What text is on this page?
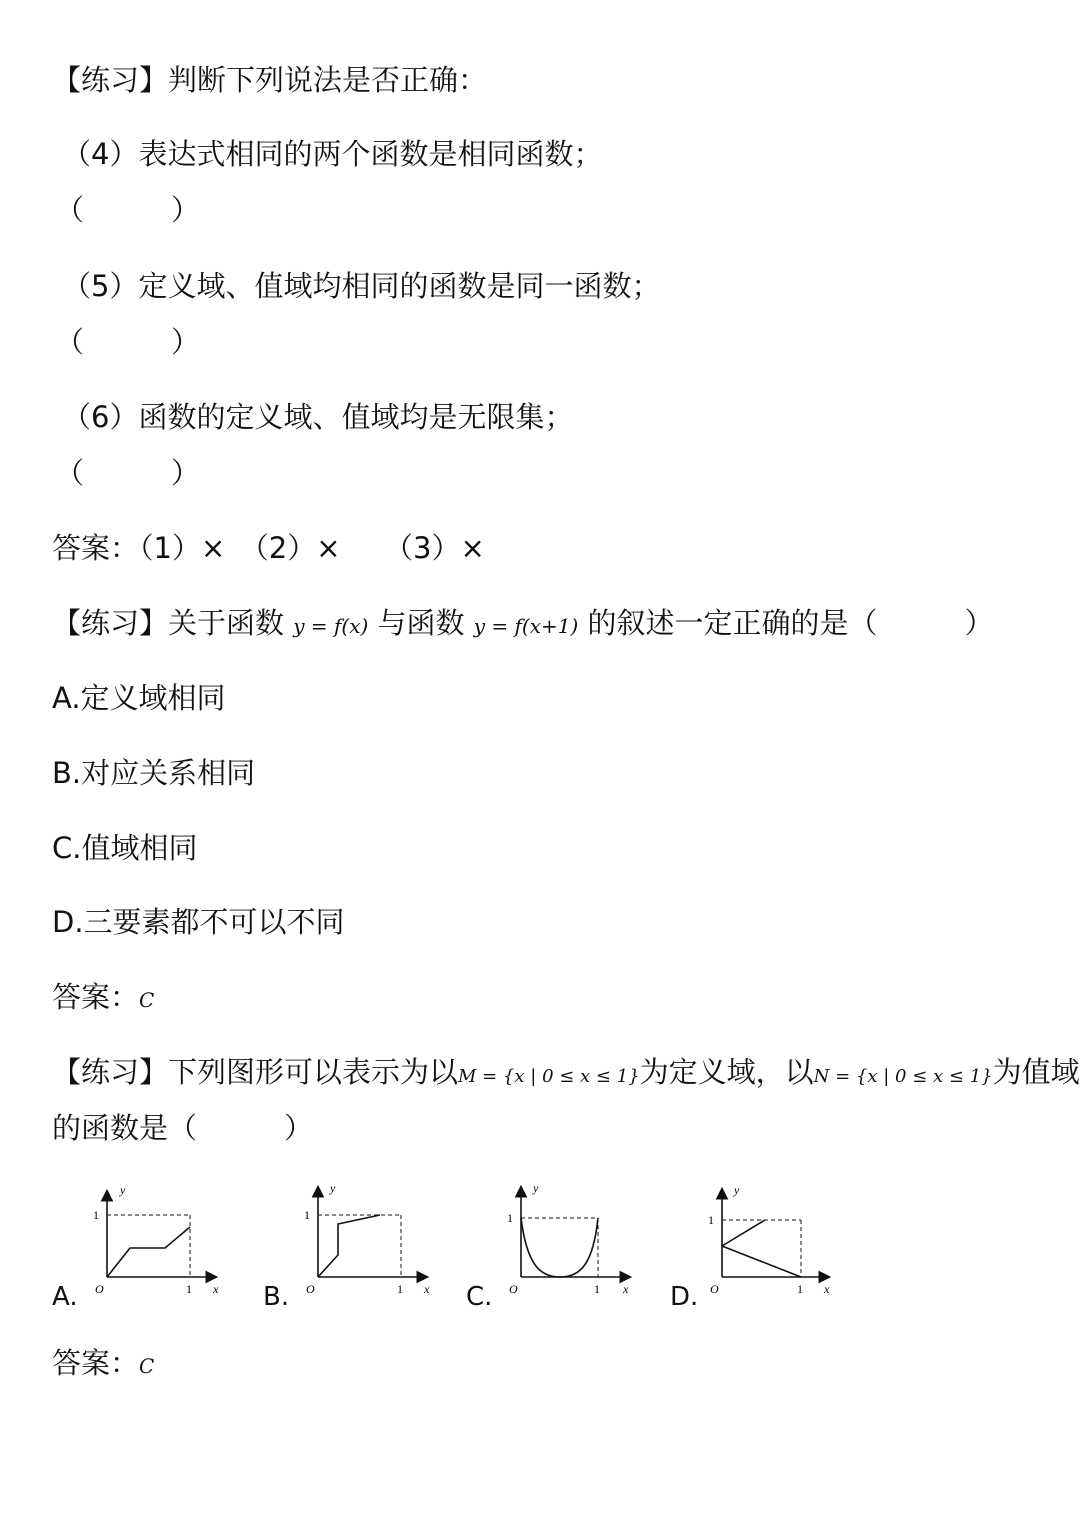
【练习】判断下列说法是否正确：
（4）表达式相同的两个函数是相同函数；
（　　　）
（5）定义域、值域均相同的函数是同一函数；
（　　　）
（6）函数的定义域、值域均是无限集；
（　　　）
答案：（1）×　（2）×　　（3）×
【练习】关于函数 y = f(x) 与函数 y = f(x+1) 的叙述一定正确的是（　　　）
A.定义域相同
B.对应关系相同
C.值域相同
D.三要素都不可以不同
答案：C
【练习】下列图形可以表示为以M = {x | 0 ≤ x ≤ 1}为定义域，以N = {x | 0 ≤ x ≤ 1}为值域
的函数是（　　　）
A.	B.	C.	D.
y
1
O	1 x
y
1
O	1 x
y
1
O	1 x
y
1
O	1 x
答案：C
